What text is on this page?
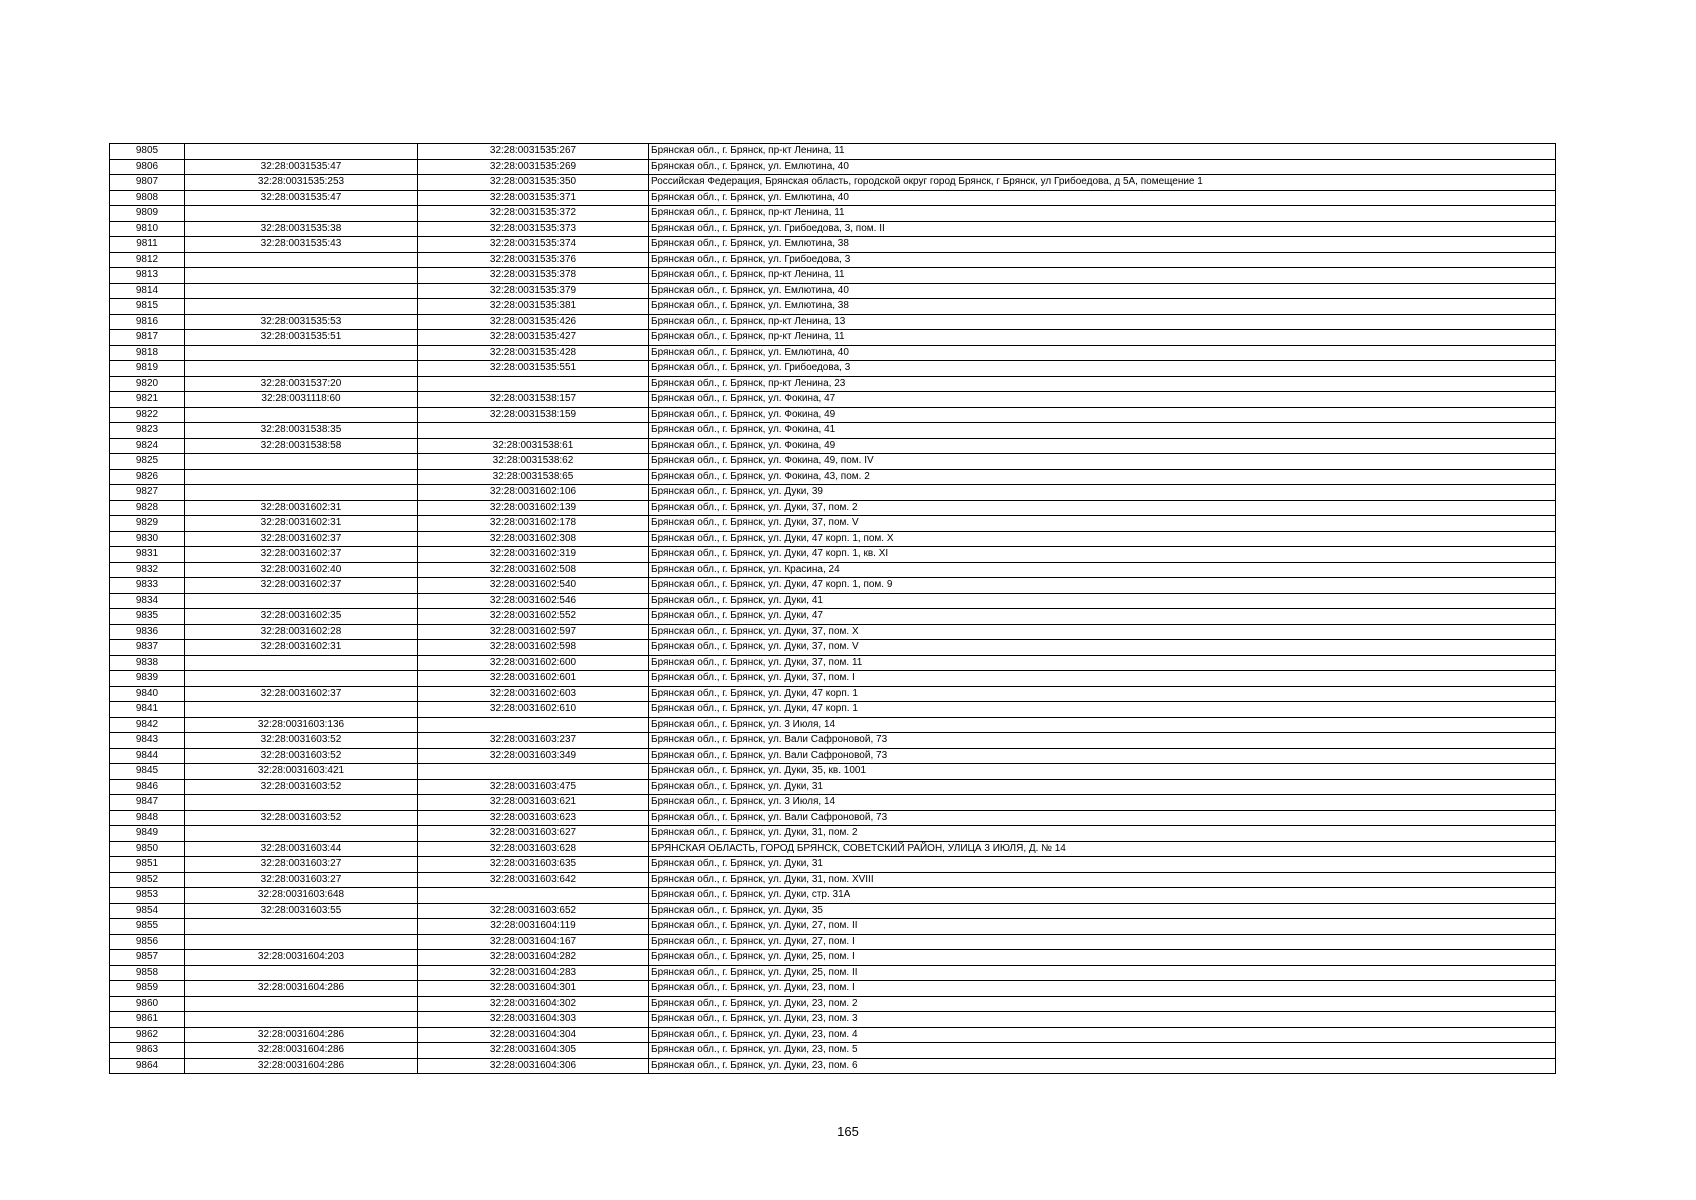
9805		32:28:0031535:267	Брянская обл., г. Брянск, пр-кт Ленина, 11
9806	32:28:0031535:47	32:28:0031535:269	Брянская обл., г. Брянск, ул. Емлютина, 40
9807	32:28:0031535:253	32:28:0031535:350	Российская Федерация, Брянская область, городской округ город Брянск, г Брянск, ул Грибоедова, д 5А, помещение 1
9808	32:28:0031535:47	32:28:0031535:371	Брянская обл., г. Брянск, ул. Емлютина, 40
9809		32:28:0031535:372	Брянская обл., г. Брянск, пр-кт Ленина, 11
9810	32:28:0031535:38	32:28:0031535:373	Брянская обл., г. Брянск, ул. Грибоедова, 3, пом. II
9811	32:28:0031535:43	32:28:0031535:374	Брянская обл., г. Брянск, ул. Емлютина, 38
9812		32:28:0031535:376	Брянская обл., г. Брянск, ул. Грибоедова, 3
9813		32:28:0031535:378	Брянская обл., г. Брянск, пр-кт Ленина, 11
9814		32:28:0031535:379	Брянская обл., г. Брянск, ул. Емлютина, 40
9815		32:28:0031535:381	Брянская обл., г. Брянск, ул. Емлютина, 38
9816	32:28:0031535:53	32:28:0031535:426	Брянская обл., г. Брянск, пр-кт Ленина, 13
9817	32:28:0031535:51	32:28:0031535:427	Брянская обл., г. Брянск, пр-кт Ленина, 11
9818		32:28:0031535:428	Брянская обл., г. Брянск, ул. Емлютина, 40
9819		32:28:0031535:551	Брянская обл., г. Брянск, ул. Грибоедова, 3
9820	32:28:0031537:20		Брянская обл., г. Брянск, пр-кт Ленина, 23
9821	32:28:0031118:60	32:28:0031538:157	Брянская обл., г. Брянск, ул. Фокина, 47
9822		32:28:0031538:159	Брянская обл., г. Брянск, ул. Фокина, 49
9823	32:28:0031538:35		Брянская обл., г. Брянск, ул. Фокина, 41
9824	32:28:0031538:58	32:28:0031538:61	Брянская обл., г. Брянск, ул. Фокина, 49
9825		32:28:0031538:62	Брянская обл., г. Брянск, ул. Фокина, 49, пом. IV
9826		32:28:0031538:65	Брянская обл., г. Брянск, ул. Фокина, 43, пом. 2
9827		32:28:0031602:106	Брянская обл., г. Брянск, ул. Дуки, 39
9828	32:28:0031602:31	32:28:0031602:139	Брянская обл., г. Брянск, ул. Дуки, 37, пом. 2
9829	32:28:0031602:31	32:28:0031602:178	Брянская обл., г. Брянск, ул. Дуки, 37, пом. V
9830	32:28:0031602:37	32:28:0031602:308	Брянская обл., г. Брянск, ул. Дуки, 47 корп. 1, пом. X
9831	32:28:0031602:37	32:28:0031602:319	Брянская обл., г. Брянск, ул. Дуки, 47 корп. 1, кв. XI
9832	32:28:0031602:40	32:28:0031602:508	Брянская обл., г. Брянск, ул. Красина, 24
9833	32:28:0031602:37	32:28:0031602:540	Брянская обл., г. Брянск, ул. Дуки, 47 корп. 1, пом. 9
9834		32:28:0031602:546	Брянская обл., г. Брянск, ул. Дуки, 41
9835	32:28:0031602:35	32:28:0031602:552	Брянская обл., г. Брянск, ул. Дуки, 47
9836	32:28:0031602:28	32:28:0031602:597	Брянская обл., г. Брянск, ул. Дуки, 37, пом. X
9837	32:28:0031602:31	32:28:0031602:598	Брянская обл., г. Брянск, ул. Дуки, 37, пом. V
9838		32:28:0031602:600	Брянская обл., г. Брянск, ул. Дуки, 37, пом. 11
9839		32:28:0031602:601	Брянская обл., г. Брянск, ул. Дуки, 37, пом. I
9840	32:28:0031602:37	32:28:0031602:603	Брянская обл., г. Брянск, ул. Дуки, 47 корп. 1
9841		32:28:0031602:610	Брянская обл., г. Брянск, ул. Дуки, 47 корп. 1
9842	32:28:0031603:136		Брянская обл., г. Брянск, ул. 3 Июля, 14
9843	32:28:0031603:52	32:28:0031603:237	Брянская обл., г. Брянск, ул. Вали Сафроновой, 73
9844	32:28:0031603:52	32:28:0031603:349	Брянская обл., г. Брянск, ул. Вали Сафроновой, 73
9845	32:28:0031603:421		Брянская обл., г. Брянск, ул. Дуки, 35, кв. 1001
9846	32:28:0031603:52	32:28:0031603:475	Брянская обл., г. Брянск, ул. Дуки, 31
9847		32:28:0031603:621	Брянская обл., г. Брянск, ул. 3 Июля, 14
9848	32:28:0031603:52	32:28:0031603:623	Брянская обл., г. Брянск, ул. Вали Сафроновой, 73
9849		32:28:0031603:627	Брянская обл., г. Брянск, ул. Дуки, 31, пом. 2
9850	32:28:0031603:44	32:28:0031603:628	БРЯНСКАЯ ОБЛАСТЬ, ГОРОД БРЯНСК, СОВЕТСКИЙ РАЙОН, УЛИЦА 3 ИЮЛЯ, Д. № 14
9851	32:28:0031603:27	32:28:0031603:635	Брянская обл., г. Брянск, ул. Дуки, 31
9852	32:28:0031603:27	32:28:0031603:642	Брянская обл., г. Брянск, ул. Дуки, 31, пом. XVIII
9853	32:28:0031603:648		Брянская обл., г. Брянск, ул. Дуки, стр. 31А
9854	32:28:0031603:55	32:28:0031603:652	Брянская обл., г. Брянск, ул. Дуки, 35
9855		32:28:0031604:119	Брянская обл., г. Брянск, ул. Дуки, 27, пом. II
9856		32:28:0031604:167	Брянская обл., г. Брянск, ул. Дуки, 27, пом. I
9857	32:28:0031604:203	32:28:0031604:282	Брянская обл., г. Брянск, ул. Дуки, 25, пом. I
9858		32:28:0031604:283	Брянская обл., г. Брянск, ул. Дуки, 25, пом. II
9859	32:28:0031604:286	32:28:0031604:301	Брянская обл., г. Брянск, ул. Дуки, 23, пом. I
9860		32:28:0031604:302	Брянская обл., г. Брянск, ул. Дуки, 23, пом. 2
9861		32:28:0031604:303	Брянская обл., г. Брянск, ул. Дуки, 23, пом. 3
9862	32:28:0031604:286	32:28:0031604:304	Брянская обл., г. Брянск, ул. Дуки, 23, пом. 4
9863	32:28:0031604:286	32:28:0031604:305	Брянская обл., г. Брянск, ул. Дуки, 23, пом. 5
9864	32:28:0031604:286	32:28:0031604:306	Брянская обл., г. Брянск, ул. Дуки, 23, пом. 6
165
